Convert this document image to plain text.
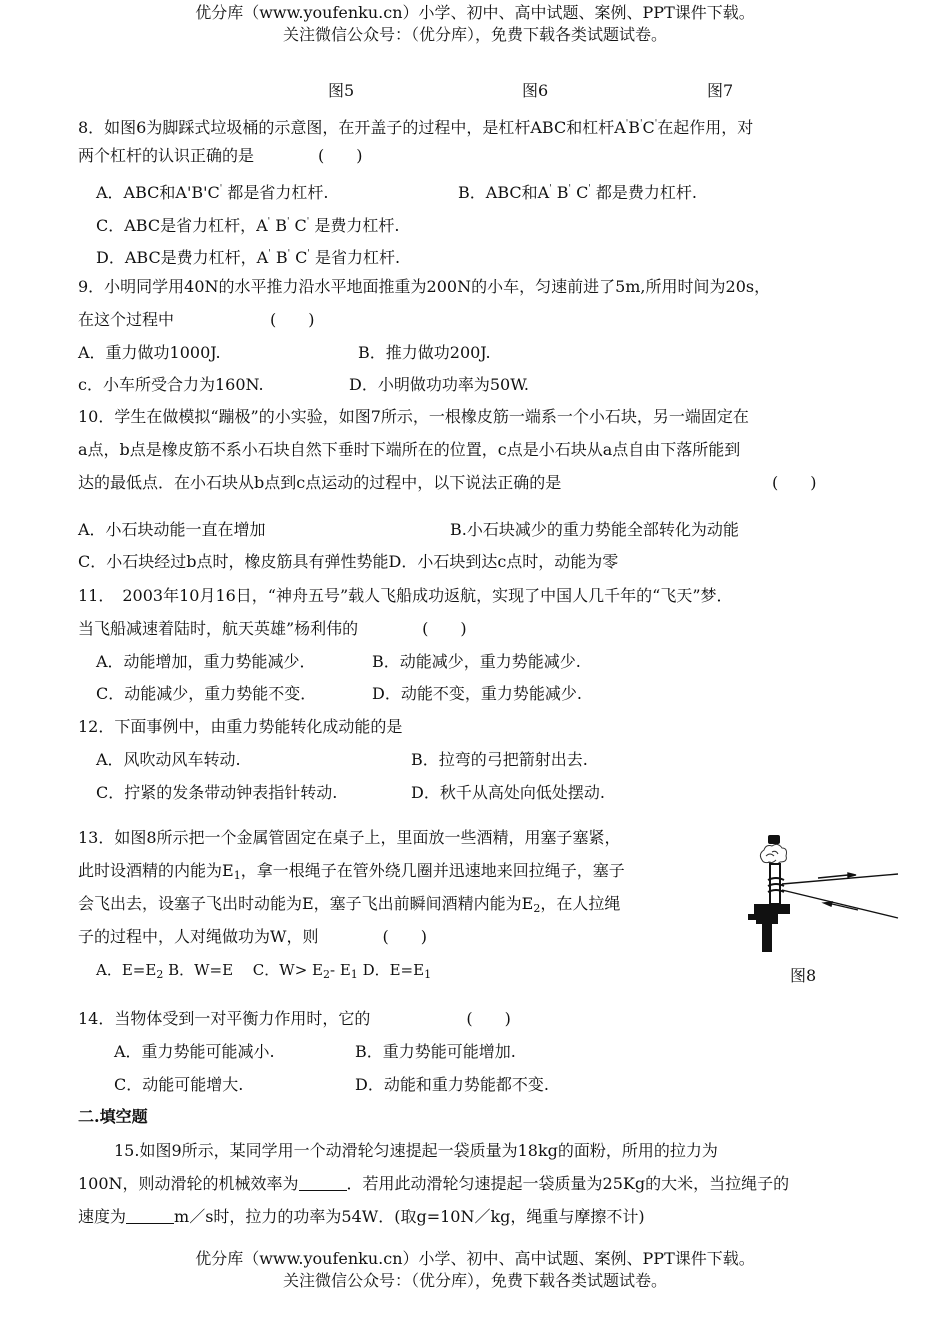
优分库（www.youfenku.cn）小学、初中、高中试题、案例、PPT课件下载。
关注微信公众号：（优分库），免费下载各类试题试卷。
图5	图6	图7
8．如图6为脚踩式垃圾桶的示意图，在开盖子的过程中，是杠杆ABC和杠杆A'B'C'在起作用，对
两个杠杆的认识正确的是　　　　(　　)
A．ABC和A'B'C' 都是省力杠杆.	B．ABC和A' B' C' 都是费力杠杆.
C．ABC是省力杠杆，A' B' C' 是费力杠杆.
D．ABC是费力杠杆，A' B' C' 是省力杠杆.
9．小明同学用40N的水平推力沿水平地面推重为200N的小车，匀速前进了5m,所用时间为20s，
在这个过程中　　　　　　(　　)
A．重力做功1000J.	B．推力做功200J.
c．小车所受合力为160N.	D．小明做功功率为50W.
10．学生在做模拟“蹦极”的小实验，如图7所示，一根橡皮筋一端系一个小石块，另一端固定在
a点，b点是橡皮筋不系小石块自然下垂时下端所在的位置，c点是小石块从a点自由下落所能到
达的最低点．在小石块从b点到c点运动的过程中，以下说法正确的是	(　　)
A．小石块动能一直在增加	B.小石块减少的重力势能全部转化为动能
C．小石块经过b点时，橡皮筋具有弹性势能D．小石块到达c点时，动能为零
11．　2003年10月16日，“神舟五号”载人飞船成功返航，实现了中国人几千年的“飞天”梦．
当飞船减速着陆时，航天英雄”杨利伟的　　　　(　　)
A．动能增加，重力势能减少．	B．动能减少，重力势能减少.
C．动能减少，重力势能不变．	D．动能不变，重力势能减少.
12．下面事例中，由重力势能转化成动能的是
A．风吹动风车转动.	B．拉弯的弓把箭射出去.
C．拧紧的发条带动钟表指针转动.	D．秋千从高处向低处摆动.
13．如图8所示把一个金属管固定在桌子上，里面放一些酒精，用塞子塞紧，
此时设酒精的内能为$E_1$，拿一根绳子在管外绕几圈并迅速地来回拉绳子，塞子
会飞出去，设塞子飞出时动能为E，塞子飞出前瞬间酒精内能为$E_2$，在人拉绳
子的过程中，人对绳做功为W，则　　　　(　　)
A．$E=E_2$ B．W=E　 C．$W> E_2-$ $E_1$ D．$E=E_1$	图8
14．当物体受到一对平衡力作用时，它的　　　　　　(　　)
A．重力势能可能减小.	B．重力势能可能增加.
C．动能可能增大.	D．动能和重力势能都不变.
二.填空题
15.如图9所示，某同学用一个动滑轮匀速提起一袋质量为18kg的面粉，所用的拉力为
100N，则动滑轮的机械效率为	．若用此动滑轮匀速提起一袋质量为25Kg的大米，当拉绳子的
速度为	m／s时，拉力的功率为54W．(取g=10N／kg，绳重与摩擦不计)
优分库（www.youfenku.cn）小学、初中、高中试题、案例、PPT课件下载。
关注微信公众号：（优分库），免费下载各类试题试卷。
